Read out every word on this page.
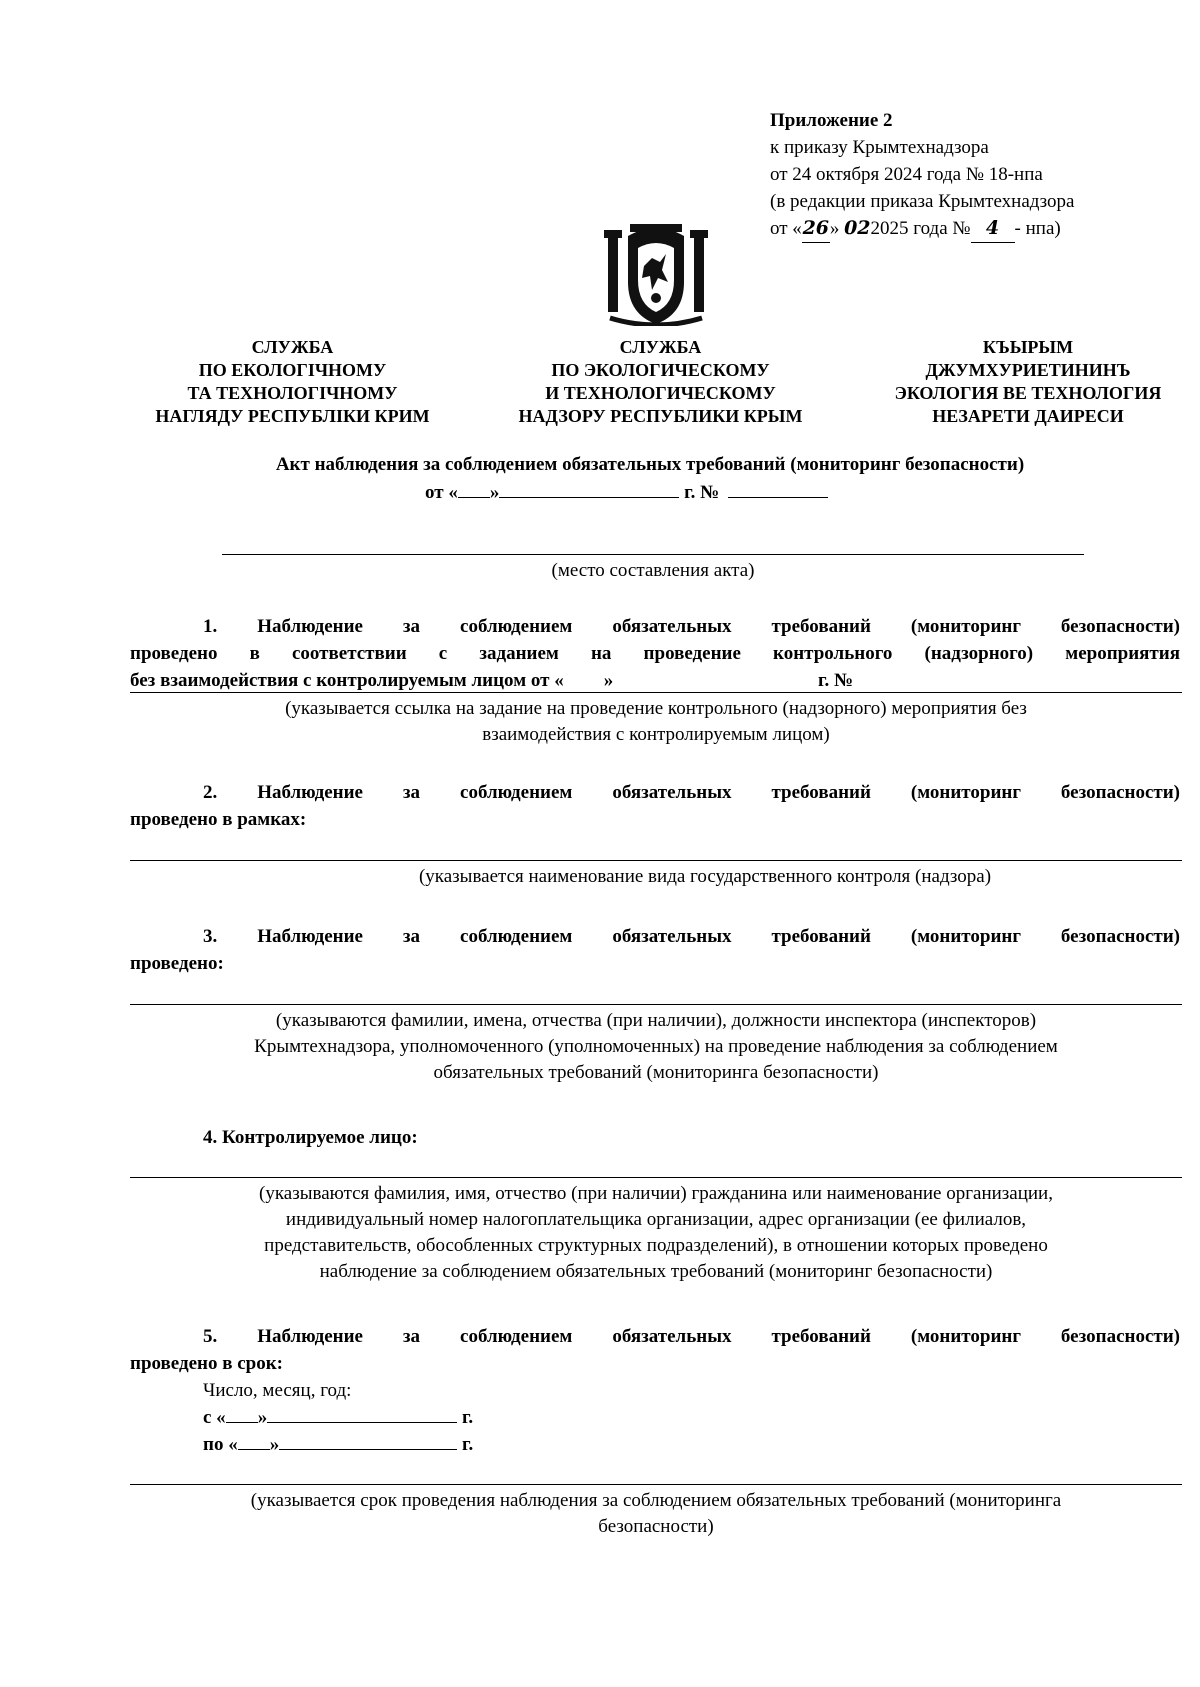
Приложение 2
к приказу Крымтехнадзора
от 24 октября 2024 года № 18-нпа
(в редакции приказа Крымтехнадзора
от «26» 022025 года № 4 - нпа)
СЛУЖБА
ПО ЕКОЛОГІЧНОМУ
ТА ТЕХНОЛОГІЧНОМУ
НАГЛЯДУ РЕСПУБЛІКИ КРИМ
СЛУЖБА
ПО ЭКОЛОГИЧЕСКОМУ
И ТЕХНОЛОГИЧЕСКОМУ
НАДЗОРУ РЕСПУБЛИКИ КРЫМ
КЪЫРЫМ
ДЖУМХУРИЕТИНИНЪ
ЭКОЛОГИЯ ВЕ ТЕХНОЛОГИЯ
НЕЗАРЕТИ ДАИРЕСИ
Акт наблюдения за соблюдением обязательных требований (мониторинг безопасности)
от « »	г. №
(место составления акта)
1. Наблюдение за соблюдением обязательных требований (мониторинг безопасности)
проведено в соответствии с заданием на проведение контрольного (надзорного) мероприятия
без взаимодействия с контролируемым лицом от « »	г. №
(указывается ссылка на задание на проведение контрольного (надзорного) мероприятия без
взаимодействия с контролируемым лицом)
2. Наблюдение за соблюдением обязательных требований (мониторинг безопасности)
проведено в рамках:
(указывается наименование вида государственного контроля (надзора)
3. Наблюдение за соблюдением обязательных требований (мониторинг безопасности)
проведено:
(указываются фамилии, имена, отчества (при наличии), должности инспектора (инспекторов)
Крымтехнадзора, уполномоченного (уполномоченных) на проведение наблюдения за соблюдением
обязательных требований (мониторинга безопасности)
4. Контролируемое лицо:
(указываются фамилия, имя, отчество (при наличии) гражданина или наименование организации,
индивидуальный номер налогоплательщика организации, адрес организации (ее филиалов,
представительств, обособленных структурных подразделений), в отношении которых проведено
наблюдение за соблюдением обязательных требований (мониторинг безопасности)
5. Наблюдение за соблюдением обязательных требований (мониторинг безопасности)
проведено в срок:
Число, месяц, год:
с « »	г.
по « »	г.
(указывается срок проведения наблюдения за соблюдением обязательных требований (мониторинга
безопасности)
